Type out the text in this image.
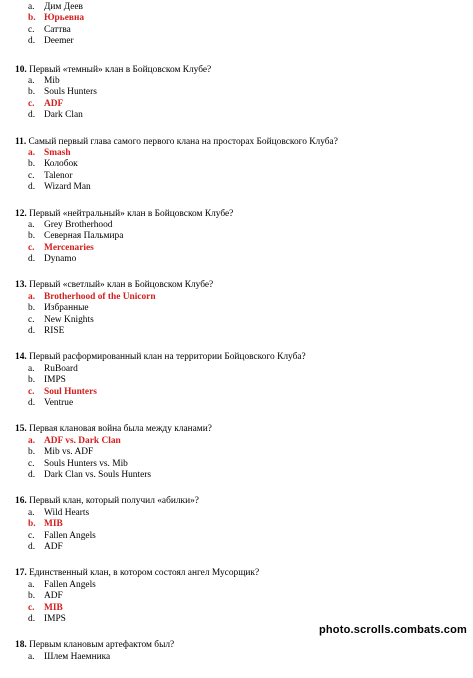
a. Дим Деев
b. Юрьевна
c. Саттва
d. Deemer
10. Первый «темный» клан в Бойцовском Клубе?
a. Mib
b. Souls Hunters
c. ADF
d. Dark Clan
11. Самый первый глава самого первого клана на просторах Бойцовского Клуба?
a. Smash
b. Колобок
c. Talenor
d. Wizard Man
12. Первый «нейтральный» клан в Бойцовском Клубе?
a. Grey Brotherhood
b. Северная Пальмира
c. Mercenaries
d. Dynamo
13. Первый «светлый» клан в Бойцовском Клубе?
a. Brotherhood of the Unicorn
b. Избранные
c. New Knights
d. RISE
14. Первый расформированный клан на территории Бойцовского Клуба?
a. RuBoard
b. IMPS
c. Soul Hunters
d. Ventrue
15. Первая клановая война была между кланами?
a. ADF vs. Dark Clan
b. Mib vs. ADF
c. Souls Hunters vs. Mib
d. Dark Clan vs. Souls Hunters
16. Первый клан, который получил «абилки»?
a. Wild Hearts
b. MIB
c. Fallen Angels
d. ADF
17. Единственный клан, в котором состоял ангел Мусорщик?
a. Fallen Angels
b. ADF
c. MIB
d. IMPS
18. Первым клановым артефактом был?
a. Шлем Наемника
photo.scrolls.combats.com
